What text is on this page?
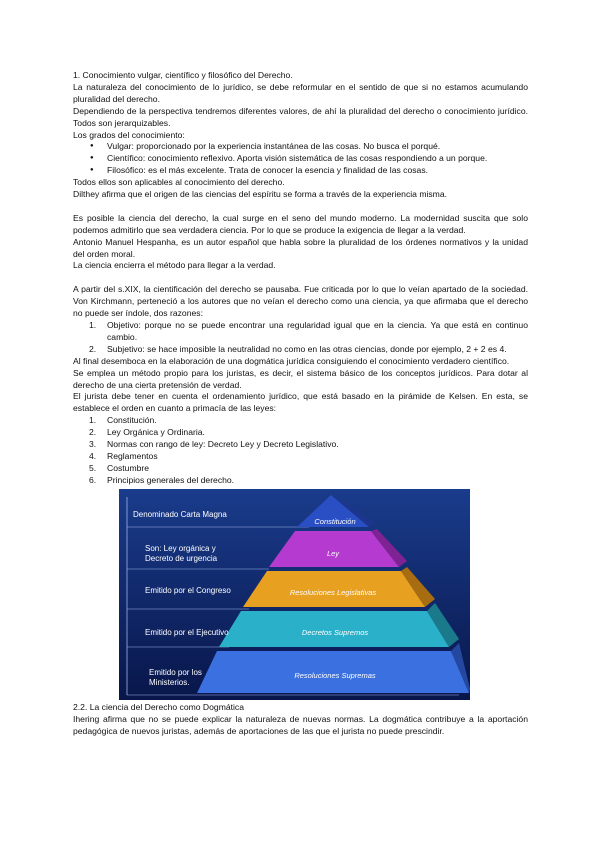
1. Conocimiento vulgar, científico y filosófico del Derecho.

La naturaleza del conocimiento de lo jurídico, se debe reformular en el sentido de que si no estamos acumulando pluralidad del derecho.

Dependiendo de la perspectiva tendremos diferentes valores, de ahí la pluralidad del derecho o conocimiento jurídico. Todos son jerarquizables.

Los grados del conocimiento:

● Vulgar: proporcionado por la experiencia instantánea de las cosas. No busca el porqué.
● Científico: conocimiento reflexivo. Aporta visión sistemática de las cosas respondiendo a un porque.
● Filosófico: es el más excelente. Trata de conocer la esencia y finalidad de las cosas.

Todos ellos son aplicables al conocimiento del derecho.

Dilthey afirma que el origen de las ciencias del espíritu se forma a través de la experiencia misma.

Es posible la ciencia del derecho, la cual surge en el seno del mundo moderno. La modernidad suscita que solo podemos admitirlo que sea verdadera ciencia. Por lo que se produce la exigencia de llegar a la verdad.

Antonio Manuel Hespanha, es un autor español que habla sobre la pluralidad de los órdenes normativos y la unidad del orden moral.

La ciencia encierra el método para llegar a la verdad.

A partir del s.XIX, la cientificación del derecho se pausaba. Fue criticada por lo que lo veían apartado de la sociedad. Von Kirchmann, perteneció a los autores que no veían el derecho como una ciencia, ya que afirmaba que el derecho no puede ser índole, dos razones:

1. Objetivo: porque no se puede encontrar una regularidad igual que en la ciencia. Ya que está en continuo cambio.
2. Subjetivo: se hace imposible la neutralidad no como en las otras ciencias, donde por ejemplo, 2 + 2 es 4.

Al final desemboca en la elaboración de una dogmática jurídica consiguiendo el conocimiento verdadero científico.

Se emplea un método propio para los juristas, es decir, el sistema básico de los conceptos jurídicos. Para dotar al derecho de una cierta pretensión de verdad.

El jurista debe tener en cuenta el ordenamiento jurídico, que está basado en la pirámide de Kelsen. En esta, se establece el orden en cuanto a primacía de las leyes:

1. Constitución.
2. Ley Orgánica y Ordinaria.
3. Normas con rango de ley: Decreto Ley y Decreto Legislativo.
4. Reglamentos
5. Costumbre
6. Principios generales del derecho.
Denominado Carta Magna
Son: Ley orgánica y
Decreto de urgencia
Emitido por el Congreso
Emitido por el Ejecutivo
Emitido por los
Ministerios.
Constitución
Ley
Resoluciones Legislativas
Decretos Supremos
Resoluciones Supremas

2.2. La ciencia del Derecho como Dogmática

Ihering afirma que no se puede explicar la naturaleza de nuevas normas. La dogmática contribuye a la aportación pedagógica de nuevos juristas, además de aportaciones de las que el jurista no puede prescindir.
